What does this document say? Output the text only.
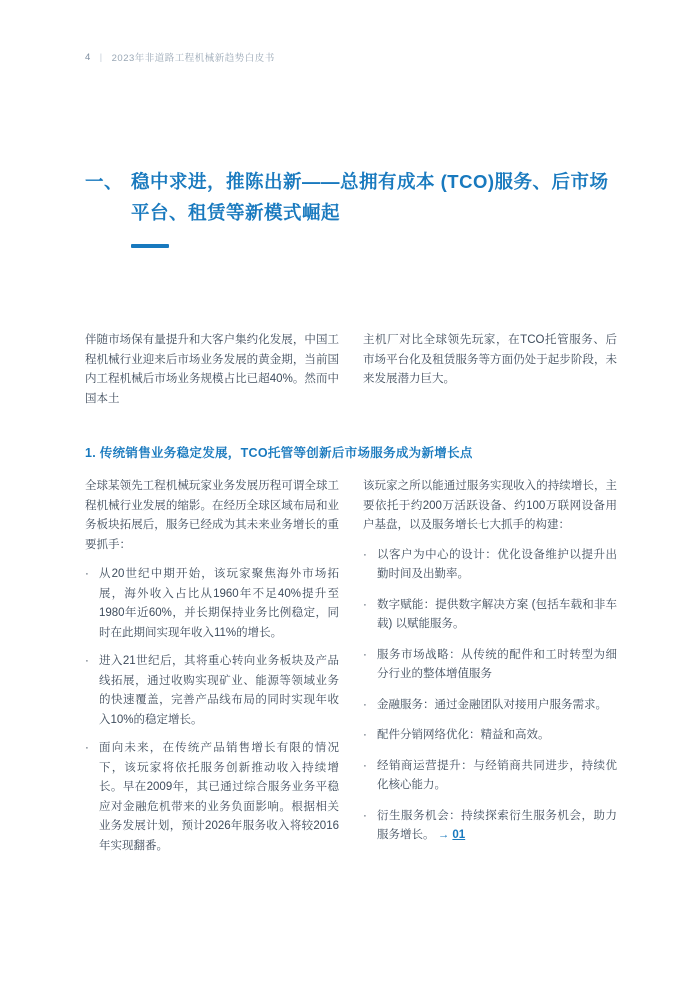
4 | 2023年非道路工程机械新趋势白皮书
一、 稳中求进，推陈出新——总拥有成本 (TCO)服务、后市场平台、租赁等新模式崛起
伴随市场保有量提升和大客户集约化发展，中国工程机械行业迎来后市场业务发展的黄金期，当前国内工程机械后市场业务规模占比已超40%。然而中国本土
主机厂对比全球领先玩家，在TCO托管服务、后市场平台化及租赁服务等方面仍处于起步阶段，未来发展潜力巨大。
1. 传统销售业务稳定发展，TCO托管等创新后市场服务成为新增长点

全球某领先工程机械玩家业务发展历程可谓全球工程机械行业发展的缩影。在经历全球区域布局和业务板块拓展后，服务已经成为其未来业务增长的重要抓手：

· 从20世纪中期开始，该玩家聚焦海外市场拓展，海外收入占比从1960年不足40%提升至1980年近60%，并长期保持业务比例稳定，同时在此期间实现年收入11%的增长。
· 进入21世纪后，其将重心转向业务板块及产品线拓展，通过收购实现矿业、能源等领域业务的快速覆盖，完善产品线布局的同时实现年收入10%的稳定增长。
· 面向未来，在传统产品销售增长有限的情况下，该玩家将依托服务创新推动收入持续增长。早在2009年，其已通过综合服务业务平稳应对金融危机带来的业务负面影响。根据相关业务发展计划，预计2026年服务收入将较2016年实现翻番。

该玩家之所以能通过服务实现收入的持续增长，主要依托于约200万活跃设备、约100万联网设备用户基盘，以及服务增长七大抓手的构建：

· 以客户为中心的设计：优化设备维护以提升出勤时间及出勤率。
· 数字赋能：提供数字解决方案 (包括车载和非车载) 以赋能服务。
· 服务市场战略：从传统的配件和工时转型为细分行业的整体增值服务
· 金融服务：通过金融团队对接用户服务需求。
· 配件分销网络优化：精益和高效。
· 经销商运营提升：与经销商共同进步，持续优化核心能力。
· 衍生服务机会：持续探索衍生服务机会，助力服务增长。 → 01
